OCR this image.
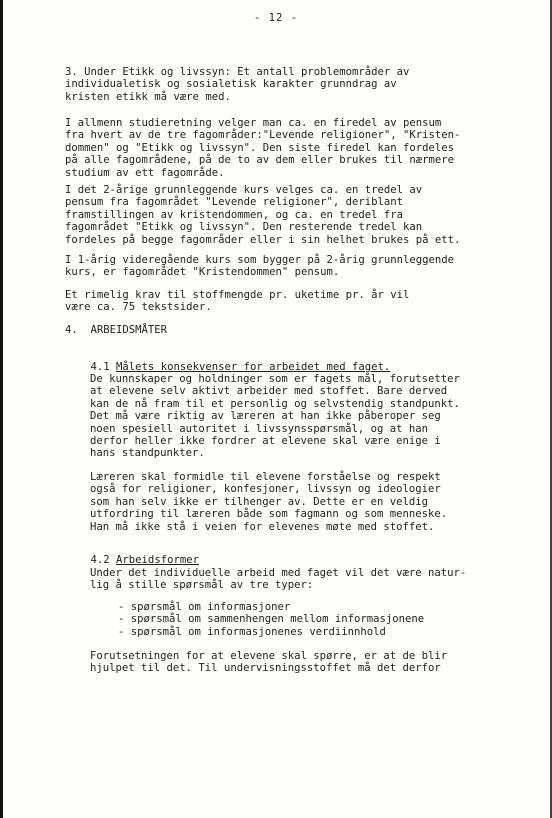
- 12 -
3. Under Etikk og livssyn: Et antall problemområder av
individualetisk og sosialetisk karakter grunndrag av
kristen etikk må være med.
I allmenn studieretning velger man ca. en firedel av pensum
fra hvert av de tre fagområder:"Levende religioner", "Kristen-
dommen" og "Etikk og livssyn". Den siste firedel kan fordeles
på alle fagområdene, på de to av dem eller brukes til nærmere
studium av ett fagområde.
I det 2-årige grunnleggende kurs velges ca. en tredel av
pensum fra fagområdet "Levende religioner", deriblant
framstillingen av kristendommen, og ca. en tredel fra
fagområdet "Etikk og livssyn". Den resterende tredel kan
fordeles på begge fagområder eller i sin helhet brukes på ett.
I 1-årig videregående kurs som bygger på 2-årig grunnleggende
kurs, er fagområdet "Kristendommen" pensum.
Et rimelig krav til stoffmengde pr. uketime pr. år vil
være ca. 75 tekstsider.
4.  ARBEIDSMÅTER

4.1 Målets konsekvenser for arbeidet med faget.

De kunnskaper og holdninger som er fagets mål, forutsetter
at elevene selv aktivt arbeider med stoffet. Bare derved
kan de nå fram til et personlig og selvstendig standpunkt.
Det må være riktig av læreren at han ikke påberoper seg
noen spesiell autoritet i livssynsspørsmål, og at han
derfor heller ikke fordrer at elevene skal være enige i
hans standpunkter.
Læreren skal formidle til elevene forståelse og respekt
også for religioner, konfesjoner, livssyn og ideologier
som han selv ikke er tilhenger av. Dette er en veldig
utfordring til læreren både som fagmann og som menneske.
Han må ikke stå i veien for elevenes møte med stoffet.

4.2 Arbeidsformer

Under det individuelle arbeid med faget vil det være natur-
lig å stille spørsmål av tre typer:
- spørsmål om informasjoner
- spørsmål om sammenhengen mellom informasjonene
- spørsmål om informasjonenes verdiinnhold
Forutsetningen for at elevene skal spørre, er at de blir
hjulpet til det. Til undervisningsstoffet må det derfor
